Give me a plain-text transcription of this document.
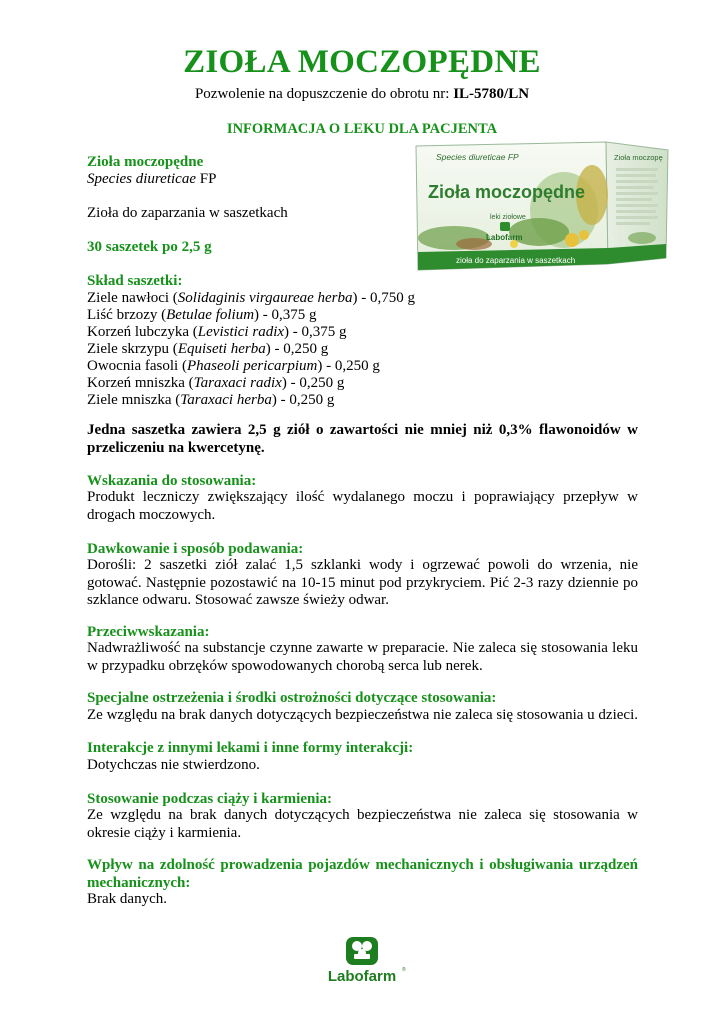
ZIOŁA MOCZOPĘDNE
Pozwolenie na dopuszczenie do obrotu nr: IL-5780/LN
INFORMACJA O LEKU DLA PACJENTA
Zioła moczopędne
Species diureticae FP
Zioła do zaparzania w saszetkach
30 saszetek po 2,5 g
Skład saszetki:
Ziele nawłoci (Solidaginis virgaureae herba) - 0,750 g
Liść brzozy (Betulae folium) - 0,375 g
Korzeń lubczyka (Levistici radix) - 0,375 g
Ziele skrzypu (Equiseti herba) - 0,250 g
Owocnia fasoli (Phaseoli pericarpium) - 0,250 g
Korzeń mniszka (Taraxaci radix) - 0,250 g
Ziele mniszka (Taraxaci herba) - 0,250 g
Jedna saszetka zawiera 2,5 g ziół o zawartości nie mniej niż 0,3% flawonoidów w przeliczeniu na kwercetynę.
Wskazania do stosowania:
Produkt leczniczy zwiększający ilość wydalanego moczu i poprawiający przepływ w drogach moczowych.
Dawkowanie i sposób podawania:
Dorośli: 2 saszetki ziół zalać 1,5 szklanki wody i ogrzewać powoli do wrzenia, nie gotować. Następnie pozostawić na 10-15 minut pod przykryciem. Pić 2-3 razy dziennie po szklance odwaru. Stosować zawsze świeży odwar.
Przeciwwskazania:
Nadwrażliwość na substancje czynne zawarte w preparacie. Nie zaleca się stosowania leku w przypadku obrzęków spowodowanych chorobą serca lub nerek.
Specjalne ostrzeżenia i środki ostrożności dotyczące stosowania:
Ze względu na brak danych dotyczących bezpieczeństwa nie zaleca się stosowania u dzieci.
Interakcje z innymi lekami i inne formy interakcji:
Dotychczas nie stwierdzono.
Stosowanie podczas ciąży i karmienia:
Ze względu na brak danych dotyczących bezpieczeństwa nie zaleca się stosowania w okresie ciąży i karmienia.
Wpływ na zdolność prowadzenia pojazdów mechanicznych i obsługiwania urządzeń mechanicznych:
Brak danych.
Species diureticae FP
Zioła moczopędne
leki ziołowe
Labofarm
zioła do zaparzania w saszetkach
Zioła moczopę
Labofarm ®
